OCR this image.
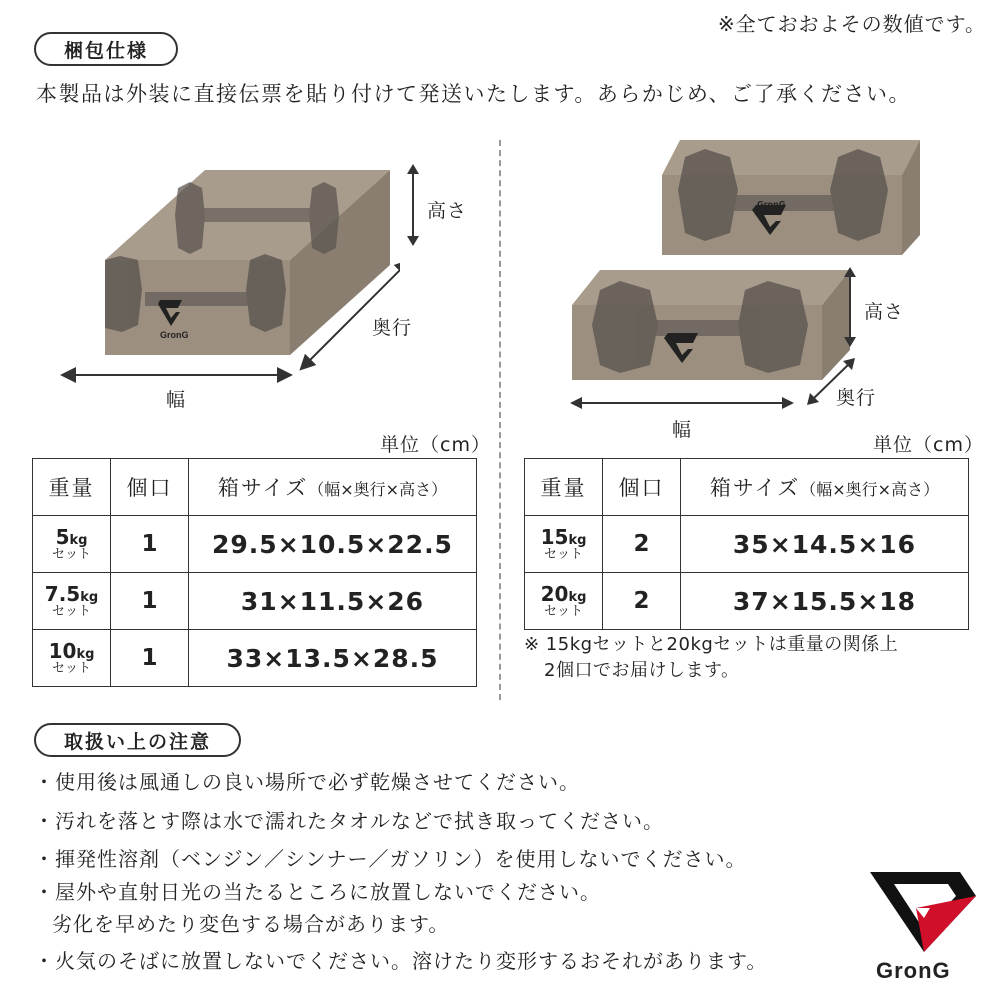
※全ておおよその数値です。
梱包仕様
本製品は外装に直接伝票を貼り付けて発送いたします。あらかじめ、ご了承ください。
GronG
高さ
奥行
幅
GronG
高さ
奥行
幅
単位（cm）	単位（cm）
重量	個口	箱サイズ（幅×奥行×高さ）
5kg
セット	1	29.5×10.5×22.5
7.5kg
セット	1	31×11.5×26
10kg
セット	1	33×13.5×28.5
重量	個口	箱サイズ（幅×奥行×高さ）
15kg
セット	2	35×14.5×16
20kg
セット	2	37×15.5×18
※ 15kgセットと20kgセットは重量の関係上
2個口でお届けします。
取扱い上の注意
・使用後は風通しの良い場所で必ず乾燥させてください。
・汚れを落とす際は水で濡れたタオルなどで拭き取ってください。
・揮発性溶剤（ベンジン／シンナー／ガソリン）を使用しないでください。
・屋外や直射日光の当たるところに放置しないでください。
劣化を早めたり変色する場合があります。
・火気のそばに放置しないでください。溶けたり変形するおそれがあります。	GronG
